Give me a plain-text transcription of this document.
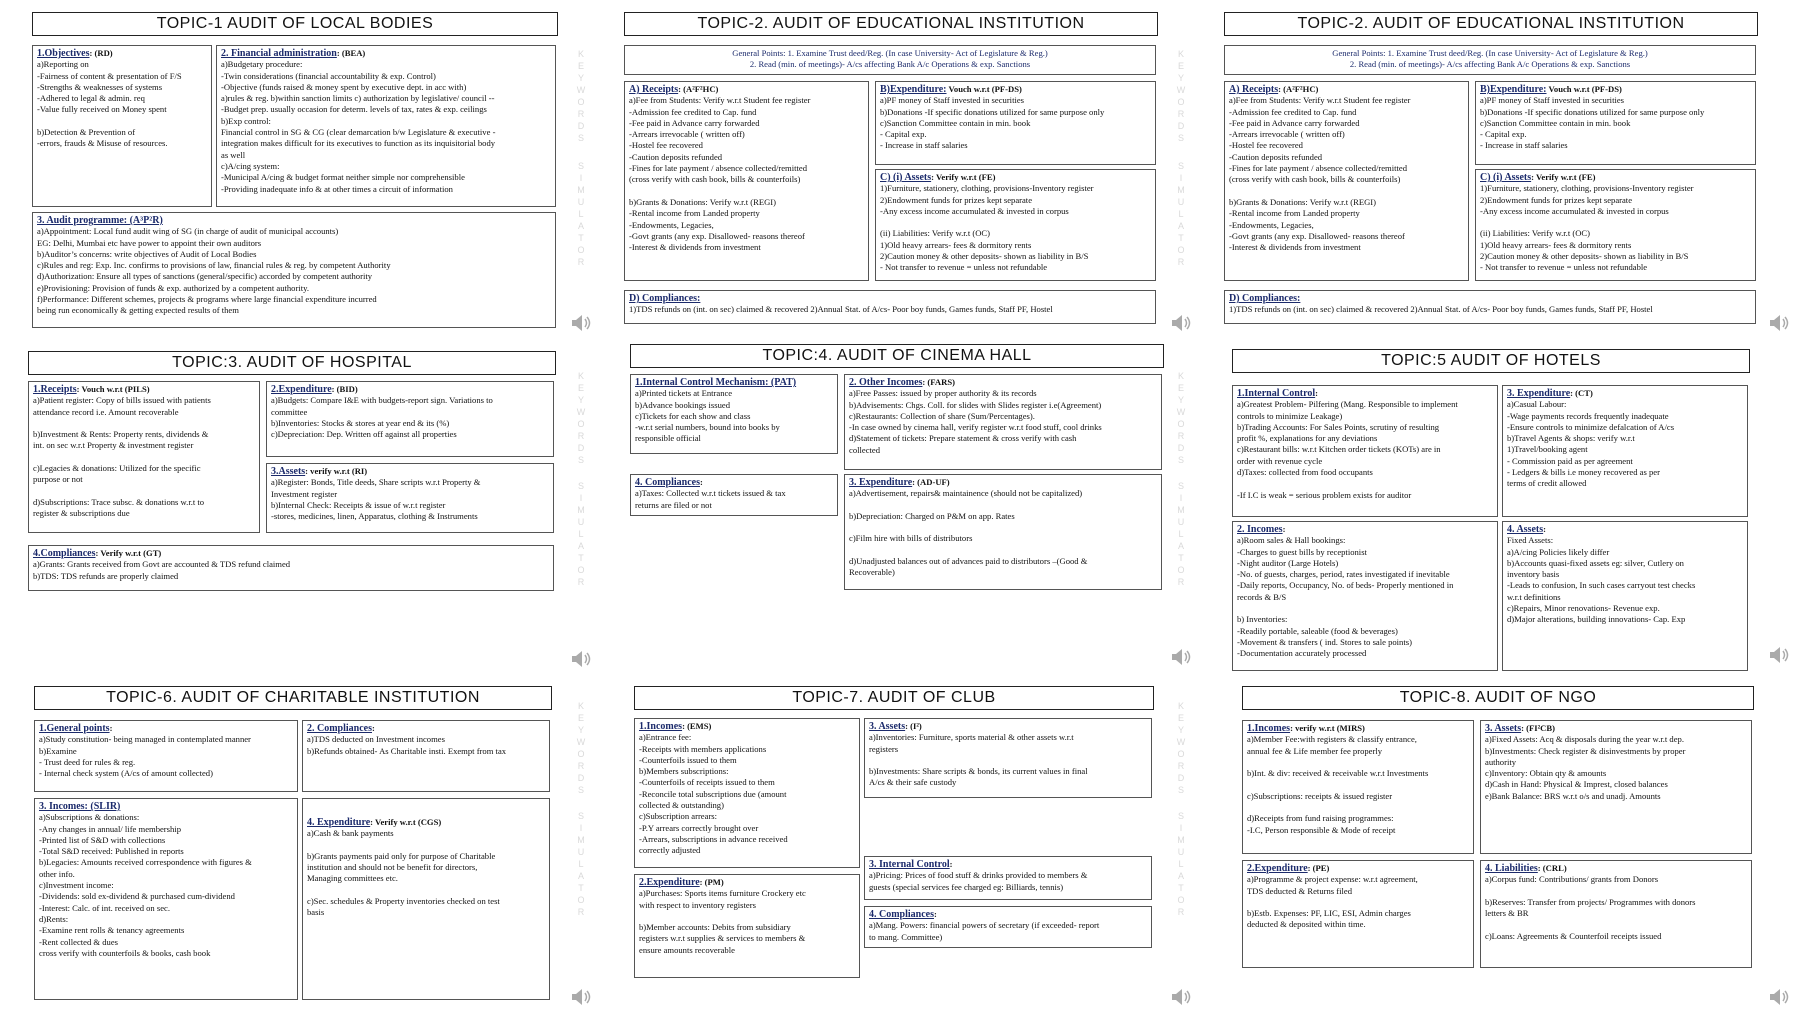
TOPIC-1 AUDIT OF LOCAL BODIES
1.Objectives: (RD)
a)Reporting on
-Fairness of content & presentation of F/S
-Strengths & weaknesses of systems
-Adhered to legal & admin. req
-Value fully received on Money spent

b)Detection & Prevention of
-errors, frauds & Misuse of resources.
2. Financial administration: (BEA)
a)Budgetary procedure:
-Twin considerations (financial accountability & exp. Control)
-Objective (funds raised & money spent by executive dept. in acc with)
a)rules & reg. b)within sanction limits c) authorization by legislative/ council --
-Budget prep. usually occasion for determ. levels of tax, rates & exp. ceilings
b)Exp control:
Financial control in SG & CG (clear demarcation b/w Legislature & executive -
integration makes difficult for its executives to function as its inquisitorial body
as well
c)A/cing system:
-Municipal A/cing & budget format neither simple nor comprehensible
-Providing inadequate info & at other times a circuit of information
3. Audit programme: (A³P²R)
a)Appointment: Local fund audit wing of SG (in charge of audit of municipal accounts)
EG: Delhi, Mumbai etc have power to appoint their own auditors
b)Auditor’s concerns: write objectives of Audit of Local Bodies
c)Rules and reg: Exp. Inc. confirms to provisions of law, financial rules & reg. by competent Authority
d)Authorization: Ensure all types of sanctions (general/specific) accorded by competent authority
e)Provisioning: Provision of funds & exp. authorized by a competent authority.
f)Performance: Different schemes, projects & programs where large financial expenditure incurred
being run economically & getting expected results of them
TOPIC-2. AUDIT OF EDUCATIONAL INSTITUTION
General Points: 1. Examine Trust deed/Reg. (In case University- Act of Legislature & Reg.)
2. Read (min. of meetings)- A/cs affecting Bank A/c Operations & exp. Sanctions
A) Receipts: (A²F²HC)
a)Fee from Students: Verify w.r.t Student fee register
-Admission fee credited to Cap. fund
-Fee paid in Advance carry forwarded
-Arrears irrevocable ( written off)
-Hostel fee recovered
-Caution deposits refunded
-Fines for late payment / absence collected/remitted
(cross verify with cash book, bills & counterfoils)

b)Grants & Donations: Verify w.r.t (REGI)
-Rental income from Landed property
-Endowments, Legacies,
-Govt grants (any exp. Disallowed- reasons thereof
-Interest & dividends from investment
B)Expenditure: Vouch w.r.t (PF-DS)
a)PF money of Staff invested in securities
b)Donations -If specific donations utilized for same purpose only
c)Sanction Committee contain in min. book
- Capital exp.
- Increase in staff salaries
C) (i) Assets: Verify w.r.t (FE)
1)Furniture, stationery, clothing, provisions-Inventory register
2)Endowment funds for prizes kept separate
-Any excess income accumulated & invested in corpus

(ii) Liabilities: Verify w.r.t (OC)
1)Old heavy arrears- fees & dormitory rents
2)Caution money & other deposits- shown as liability in B/S
- Not transfer to revenue = unless not refundable
D) Compliances:
1)TDS refunds on (int. on sec) claimed & recovered 2)Annual Stat. of A/cs- Poor boy funds, Games funds, Staff PF, Hostel
TOPIC-2. AUDIT OF EDUCATIONAL INSTITUTION
General Points: 1. Examine Trust deed/Reg. (In case University- Act of Legislature & Reg.)
2. Read (min. of meetings)- A/cs affecting Bank A/c Operations & exp. Sanctions
A) Receipts: (A²F²HC)
a)Fee from Students: Verify w.r.t Student fee register
-Admission fee credited to Cap. fund
-Fee paid in Advance carry forwarded
-Arrears irrevocable ( written off)
-Hostel fee recovered
-Caution deposits refunded
-Fines for late payment / absence collected/remitted
(cross verify with cash book, bills & counterfoils)

b)Grants & Donations: Verify w.r.t (REGI)
-Rental income from Landed property
-Endowments, Legacies,
-Govt grants (any exp. Disallowed- reasons thereof
-Interest & dividends from investment
B)Expenditure: Vouch w.r.t (PF-DS)
a)PF money of Staff invested in securities
b)Donations -If specific donations utilized for same purpose only
c)Sanction Committee contain in min. book
- Capital exp.
- Increase in staff salaries
C) (i) Assets: Verify w.r.t (FE)
1)Furniture, stationery, clothing, provisions-Inventory register
2)Endowment funds for prizes kept separate
-Any excess income accumulated & invested in corpus

(ii) Liabilities: Verify w.r.t (OC)
1)Old heavy arrears- fees & dormitory rents
2)Caution money & other deposits- shown as liability in B/S
- Not transfer to revenue = unless not refundable
D) Compliances:
1)TDS refunds on (int. on sec) claimed & recovered 2)Annual Stat. of A/cs- Poor boy funds, Games funds, Staff PF, Hostel
TOPIC:3. AUDIT OF HOSPITAL
1.Receipts: Vouch w.r.t (PILS)
a)Patient register: Copy of bills issued with patients
attendance record i.e. Amount recoverable

b)Investment & Rents: Property rents, dividends &
int. on sec w.r.t Property & investment register

c)Legacies & donations: Utilized for the specific
purpose or not

d)Subscriptions: Trace subsc. & donations w.r.t to
register & subscriptions due
2.Expenditure: (BID)
a)Budgets: Compare I&E with budgets-report sign. Variations to
committee
b)Inventories: Stocks & stores at year end & its (%)
c)Depreciation: Dep. Written off against all properties
3.Assets: verify w.r.t (RI)
a)Register: Bonds, Title deeds, Share scripts w.r.t Property &
Investment register
b)Internal Check: Receipts & issue of w.r.t register
-stores, medicines, linen, Apparatus, clothing & Instruments
4.Compliances: Verify w.r.t (GT)
a)Grants: Grants received from Govt are accounted & TDS refund claimed
b)TDS: TDS refunds are properly claimed
TOPIC:4. AUDIT OF CINEMA HALL
1.Internal Control Mechanism: (PAT)
a)Printed tickets at Entrance
b)Advance bookings issued
c)Tickets for each show and class
-w.r.t serial numbers, bound into books by
responsible official
2. Other Incomes: (FARS)
a)Free Passes: issued by proper authority & its records
b)Advisements: Chgs. Coll. for slides with Slides register i.e(Agreement)
c)Restaurants: Collection of share (Sum/Percentages).
-In case owned by cinema hall, verify register w.r.t food stuff, cool drinks
d)Statement of tickets: Prepare statement & cross verify with cash
collected
4. Compliances:
a)Taxes: Collected w.r.t tickets issued & tax
returns are filed or not
3. Expenditure: (AD-UF)
a)Advertisement, repairs& maintainence (should not be capitalized)

b)Depreciation: Charged on P&M on app. Rates

c)Film hire with bills of distributors

d)Unadjusted balances out of advances paid to distributors –(Good &
Recoverable)
TOPIC:5 AUDIT OF HOTELS
1.Internal Control:
a)Greatest Problem- Pilfering (Mang. Responsible to implement
controls to minimize Leakage)
b)Trading Accounts: For Sales Points, scrutiny of resulting
profit %, explanations for any deviations
c)Restaurant bills: w.r.t Kitchen order tickets (KOTs) are in
order with revenue cycle
d)Taxes: collected from food occupants

-If I.C is weak = serious problem exists for auditor
3. Expenditure: (CT)
a)Casual Labour:
-Wage payments records frequently inadequate
-Ensure controls to minimize defalcation of A/cs
b)Travel Agents & shops: verify w.r.t
1)Travel/booking agent
- Commission paid as per agreement
- Ledgers & bills i.e money recovered as per
terms of credit allowed
2. Incomes:
a)Room sales & Hall bookings:
-Charges to guest bills by receptionist
-Night auditor (Large Hotels)
-No. of guests, charges, period, rates investigated if inevitable
-Daily reports, Occupancy, No. of beds- Properly mentioned in
records & B/S

b) Inventories:
-Readily portable, saleable (food & beverages)
-Movement & transfers ( ind. Stores to sale points)
-Documentation accurately processed
4. Assets:
Fixed Assets:
a)A/cing Policies likely differ
b)Accounts quasi-fixed assets eg: silver, Cutlery on
inventory basis
-Leads to confusion, In such cases carryout test checks
w.r.t definitions
c)Repairs, Minor renovations- Revenue exp.
d)Major alterations, building innovations- Cap. Exp
TOPIC-6. AUDIT OF CHARITABLE INSTITUTION
1.General points:
a)Study constitution- being managed in contemplated manner
b)Examine
- Trust deed for rules & reg.
- Internal check system (A/cs of amount collected)
2. Compliances:
a)TDS deducted on Investment incomes
b)Refunds obtained- As Charitable insti. Exempt from tax
3. Incomes: (SLIR)
a)Subscriptions & donations:
-Any changes in annual/ life membership
-Printed list of S&D with collections
-Total S&D received: Published in reports
b)Legacies: Amounts received correspondence with figures &
other info.
c)Investment income:
-Dividends: sold ex-dividend & purchased cum-dividend
-Interest: Calc. of int. received on sec.
d)Rents:
-Examine rent rolls & tenancy agreements
-Rent collected & dues
cross verify with counterfoils & books, cash book
4. Expenditure: Verify w.r.t (CGS)
a)Cash & bank payments

b)Grants payments paid only for purpose of Charitable
institution and should not be benefit for directors,
Managing committees etc.

c)Sec. schedules & Property inventories checked on test
basis
TOPIC-7. AUDIT OF CLUB
1.Incomes: (EMS)
a)Entrance fee:
-Receipts with members applications
-Counterfoils issued to them
b)Members subscriptions:
-Counterfoils of receipts issued to them
-Reconcile total subscriptions due (amount
collected & outstanding)
c)Subscription arrears:
-P.Y arrears correctly brought over
-Arrears, subscriptions in advance received
correctly adjusted
3. Assets: (I²)
a)Inventories: Furniture, sports material & other assets w.r.t
registers

b)Investments: Share scripts & bonds, its current values in final
A/cs & their safe custody
2.Expenditure: (PM)
a)Purchases: Sports items furniture Crockery etc
with respect to inventory registers

b)Member accounts: Debits from subsidiary
registers w.r.t supplies & services to members &
ensure amounts recoverable
3. Internal Control:
a)Pricing: Prices of food stuff & drinks provided to members &
guests (special services fee charged eg: Billiards, tennis)
4. Compliances:
a)Mang. Powers: financial powers of secretary (if exceeded- report
to mang. Committee)
TOPIC-8. AUDIT OF NGO
1.Incomes: verify w.r.t (MIRS)
a)Member Fee:with registers & classify entrance,
annual fee & Life member fee properly

b)Int. & div: received & receivable w.r.t Investments

c)Subscriptions: receipts & issued register

d)Receipts from fund raising programmes:
-I.C, Person responsible & Mode of receipt
3. Assets: (FI²CB)
a)Fixed Assets: Acq & disposals during the year w.r.t dep.
b)Investments: Check register & disinvestments by proper
authority
c)Inventory: Obtain qty & amounts
d)Cash in Hand: Physical & Imprest, closed balances
e)Bank Balance: BRS w.r.t o/s and unadj. Amounts
2.Expenditure: (PE)
a)Programme & project expense: w.r.t agreement,
TDS deducted & Returns filed

b)Estb. Expenses: PF, LIC, ESI, Admin charges
deducted & deposited within time.
4. Liabilities: (CRL)
a)Corpus fund: Contributions/ grants from Donors

b)Reserves: Transfer from projects/ Programmes with donors
letters & BR

c)Loans: Agreements & Counterfoil receipts issued
K
E
Y
W
O
R
D
S
S
I
M
U
L
A
T
O
R
K
E
Y
W
O
R
D
S
S
I
M
U
L
A
T
O
R
K
E
Y
W
O
R
D
S
S
I
M
U
L
A
T
O
R
K
E
Y
W
O
R
D
S
S
I
M
U
L
A
T
O
R
K
E
Y
W
O
R
D
S
S
I
M
U
L
A
T
O
R
K
E
Y
W
O
R
D
S
S
I
M
U
L
A
T
O
R
